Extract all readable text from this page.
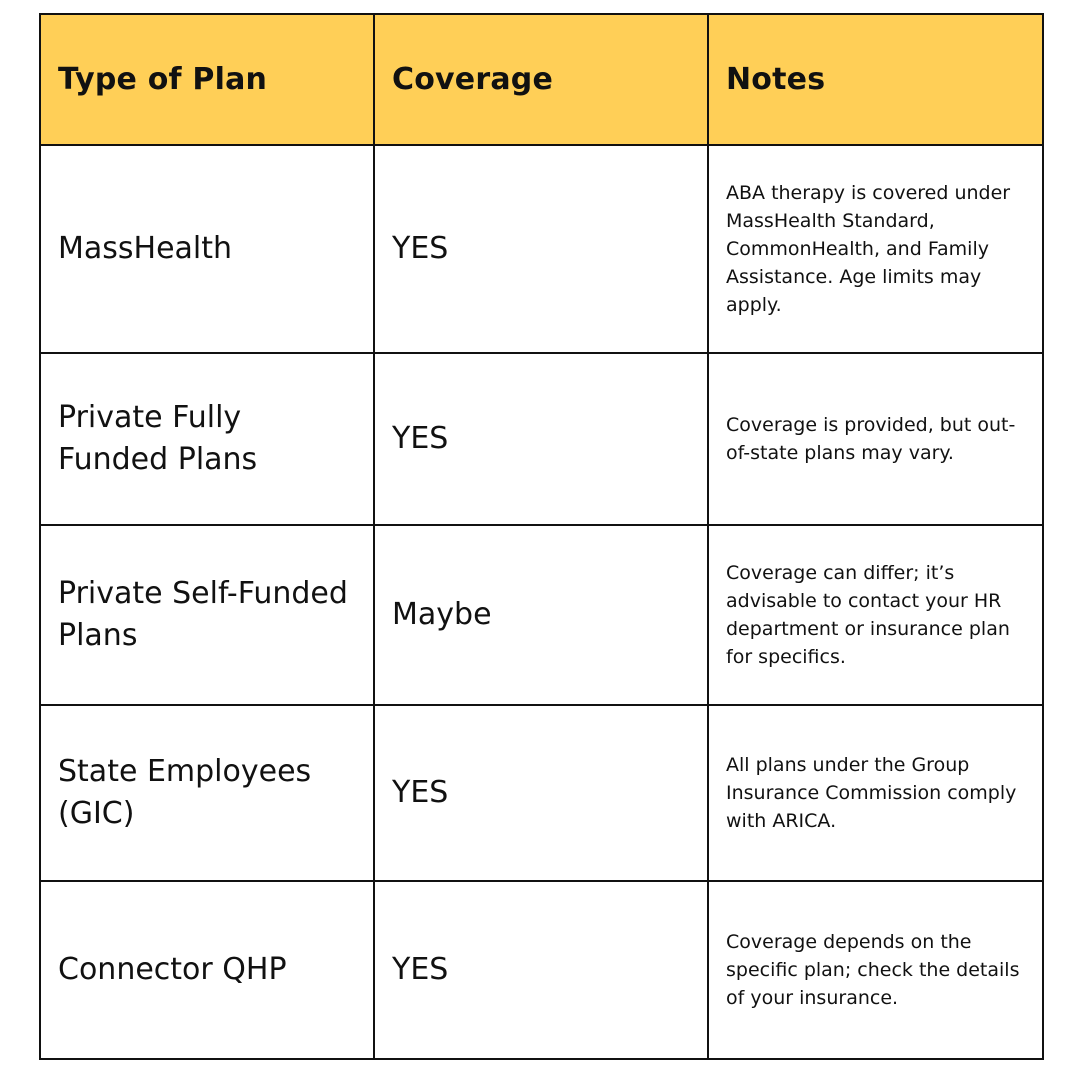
Type of Plan	Coverage	Notes
MassHealth	YES	ABA therapy is covered under MassHealth Standard, CommonHealth, and Family Assistance. Age limits may apply.
Private Fully Funded Plans	YES	Coverage is provided, but out-of-state plans may vary.
Private Self-Funded Plans	Maybe	Coverage can differ; it’s advisable to contact your HR department or insurance plan for specifics.
State Employees (GIC)	YES	All plans under the Group Insurance Commission comply with ARICA.
Connector QHP	YES	Coverage depends on the specific plan; check the details of your insurance.
